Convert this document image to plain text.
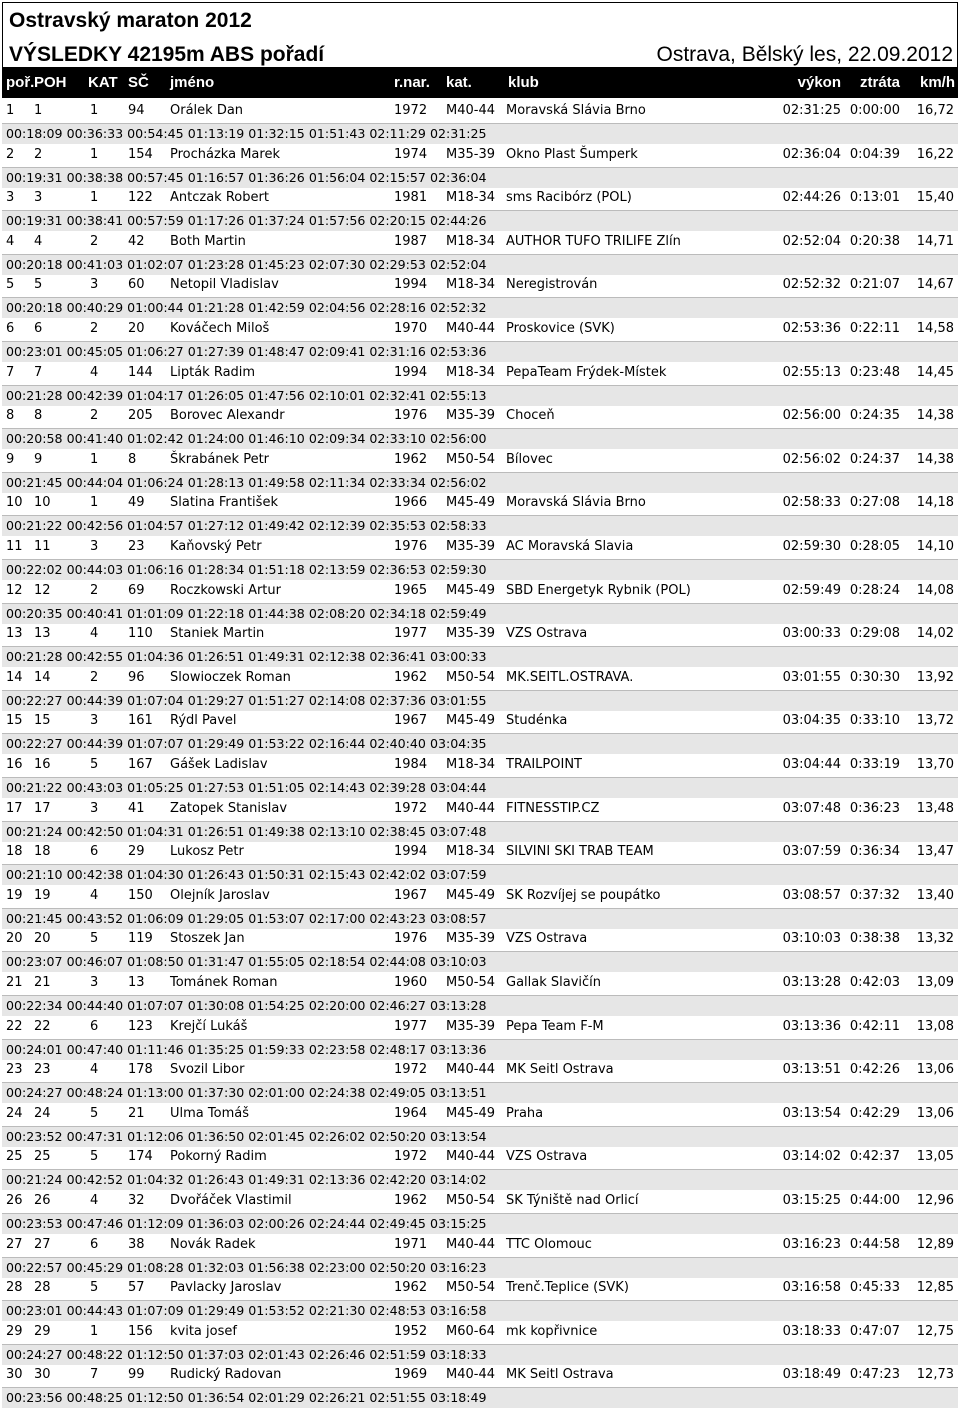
Ostravský maraton 2012
VÝSLEDKY 42195m ABS pořadí	Ostrava, Bělský les, 22.09.2012
poř. POH KAT SČ jméno	r.nar. kat. klub	výkon ztráta km/h
1 1	1 94 Orálek Dan	1972 M40-44 Moravská Slávia Brno	02:31:25 0:00:00 16,72
00:18:09 00:36:33 00:54:45 01:13:19 01:32:15 01:51:43 02:11:29 02:31:25
2 2	1 154 Procházka Marek	1974 M35-39 Okno Plast Šumperk	02:36:04 0:04:39 16,22
00:19:31 00:38:38 00:57:45 01:16:57 01:36:26 01:56:04 02:15:57 02:36:04
3 3	1 122 Antczak Robert	1981 M18-34 sms Racibórz (POL)	02:44:26 0:13:01 15,40
00:19:31 00:38:41 00:57:59 01:17:26 01:37:24 01:57:56 02:20:15 02:44:26
4 4	2 42 Both Martin	1987 M18-34 AUTHOR TUFO TRILIFE Zlín	02:52:04 0:20:38 14,71
00:20:18 00:41:03 01:02:07 01:23:28 01:45:23 02:07:30 02:29:53 02:52:04
5 5	3 60 Netopil Vladislav	1994 M18-34 Neregistrován	02:52:32 0:21:07 14,67
00:20:18 00:40:29 01:00:44 01:21:28 01:42:59 02:04:56 02:28:16 02:52:32
6 6	2 20 Kováčech Miloš	1970 M40-44 Proskovice (SVK)	02:53:36 0:22:11 14,58
00:23:01 00:45:05 01:06:27 01:27:39 01:48:47 02:09:41 02:31:16 02:53:36
7 7	4 144 Lipták Radim	1994 M18-34 PepaTeam Frýdek-Místek	02:55:13 0:23:48 14,45
00:21:28 00:42:39 01:04:17 01:26:05 01:47:56 02:10:01 02:32:41 02:55:13
8 8	2 205 Borovec Alexandr	1976 M35-39 Choceň	02:56:00 0:24:35 14,38
00:20:58 00:41:40 01:02:42 01:24:00 01:46:10 02:09:34 02:33:10 02:56:00
9 9	1 8	Škrabánek Petr	1962 M50-54 Bílovec	02:56:02 0:24:37 14,38
00:21:45 00:44:04 01:06:24 01:28:13 01:49:58 02:11:34 02:33:34 02:56:02
10 10	1 49 Slatina František	1966 M45-49 Moravská Slávia Brno	02:58:33 0:27:08 14,18
00:21:22 00:42:56 01:04:57 01:27:12 01:49:42 02:12:39 02:35:53 02:58:33
11 11	3 23 Kaňovský Petr	1976 M35-39 AC Moravská Slavia	02:59:30 0:28:05 14,10
00:22:02 00:44:03 01:06:16 01:28:34 01:51:18 02:13:59 02:36:53 02:59:30
12 12	2 69 Roczkowski Artur	1965 M45-49 SBD Energetyk Rybnik (POL)	02:59:49 0:28:24 14,08
00:20:35 00:40:41 01:01:09 01:22:18 01:44:38 02:08:20 02:34:18 02:59:49
13 13	4 110 Staniek Martin	1977 M35-39 VZS Ostrava	03:00:33 0:29:08 14,02
00:21:28 00:42:55 01:04:36 01:26:51 01:49:31 02:12:38 02:36:41 03:00:33
14 14	2 96 Slowioczek Roman	1962 M50-54 MK.SEITL.OSTRAVA.	03:01:55 0:30:30 13,92
00:22:27 00:44:39 01:07:04 01:29:27 01:51:27 02:14:08 02:37:36 03:01:55
15 15	3 161 Rýdl Pavel	1967 M45-49 Studénka	03:04:35 0:33:10 13,72
00:22:27 00:44:39 01:07:07 01:29:49 01:53:22 02:16:44 02:40:40 03:04:35
16 16	5 167 Gášek Ladislav	1984 M18-34 TRAILPOINT	03:04:44 0:33:19 13,70
00:21:22 00:43:03 01:05:25 01:27:53 01:51:05 02:14:43 02:39:28 03:04:44
17 17	3 41 Zatopek Stanislav	1972 M40-44 FITNESSTIP.CZ	03:07:48 0:36:23 13,48
00:21:24 00:42:50 01:04:31 01:26:51 01:49:38 02:13:10 02:38:45 03:07:48
18 18	6 29 Lukosz Petr	1994 M18-34 SILVINI SKI TRAB TEAM	03:07:59 0:36:34 13,47
00:21:10 00:42:38 01:04:30 01:26:43 01:50:31 02:15:43 02:42:02 03:07:59
19 19	4 150 Olejník Jaroslav	1967 M45-49 SK Rozvíjej se poupátko	03:08:57 0:37:32 13,40
00:21:45 00:43:52 01:06:09 01:29:05 01:53:07 02:17:00 02:43:23 03:08:57
20 20	5 119 Stoszek Jan	1976 M35-39 VZS Ostrava	03:10:03 0:38:38 13,32
00:23:07 00:46:07 01:08:50 01:31:47 01:55:05 02:18:54 02:44:08 03:10:03
21 21	3 13 Tománek Roman	1960 M50-54 Gallak Slavičín	03:13:28 0:42:03 13,09
00:22:34 00:44:40 01:07:07 01:30:08 01:54:25 02:20:00 02:46:27 03:13:28
22 22	6 123 Krejčí Lukáš	1977 M35-39 Pepa Team F-M	03:13:36 0:42:11 13,08
00:24:01 00:47:40 01:11:46 01:35:25 01:59:33 02:23:58 02:48:17 03:13:36
23 23	4 178 Svozil Libor	1972 M40-44 MK Seitl Ostrava	03:13:51 0:42:26 13,06
00:24:27 00:48:24 01:13:00 01:37:30 02:01:00 02:24:38 02:49:05 03:13:51
24 24	5 21 Ulma Tomáš	1964 M45-49 Praha	03:13:54 0:42:29 13,06
00:23:52 00:47:31 01:12:06 01:36:50 02:01:45 02:26:02 02:50:20 03:13:54
25 25	5 174 Pokorný Radim	1972 M40-44 VZS Ostrava	03:14:02 0:42:37 13,05
00:21:24 00:42:52 01:04:32 01:26:43 01:49:31 02:13:36 02:42:20 03:14:02
26 26	4 32 Dvořáček Vlastimil	1962 M50-54 SK Týniště nad Orlicí	03:15:25 0:44:00 12,96
00:23:53 00:47:46 01:12:09 01:36:03 02:00:26 02:24:44 02:49:45 03:15:25
27 27	6 38 Novák Radek	1971 M40-44 TTC Olomouc	03:16:23 0:44:58 12,89
00:22:57 00:45:29 01:08:28 01:32:03 01:56:38 02:23:00 02:50:20 03:16:23
28 28	5 57 Pavlacky Jaroslav	1962 M50-54 Trenč.Teplice (SVK)	03:16:58 0:45:33 12,85
00:23:01 00:44:43 01:07:09 01:29:49 01:53:52 02:21:30 02:48:53 03:16:58
29 29	1 156 kvita josef	1952 M60-64 mk kopřivnice	03:18:33 0:47:07 12,75
00:24:27 00:48:22 01:12:50 01:37:03 02:01:43 02:26:46 02:51:59 03:18:33
30 30	7 99 Rudický Radovan	1969 M40-44 MK Seitl Ostrava	03:18:49 0:47:23 12,73
00:23:56 00:48:25 01:12:50 01:36:54 02:01:29 02:26:21 02:51:55 03:18:49
